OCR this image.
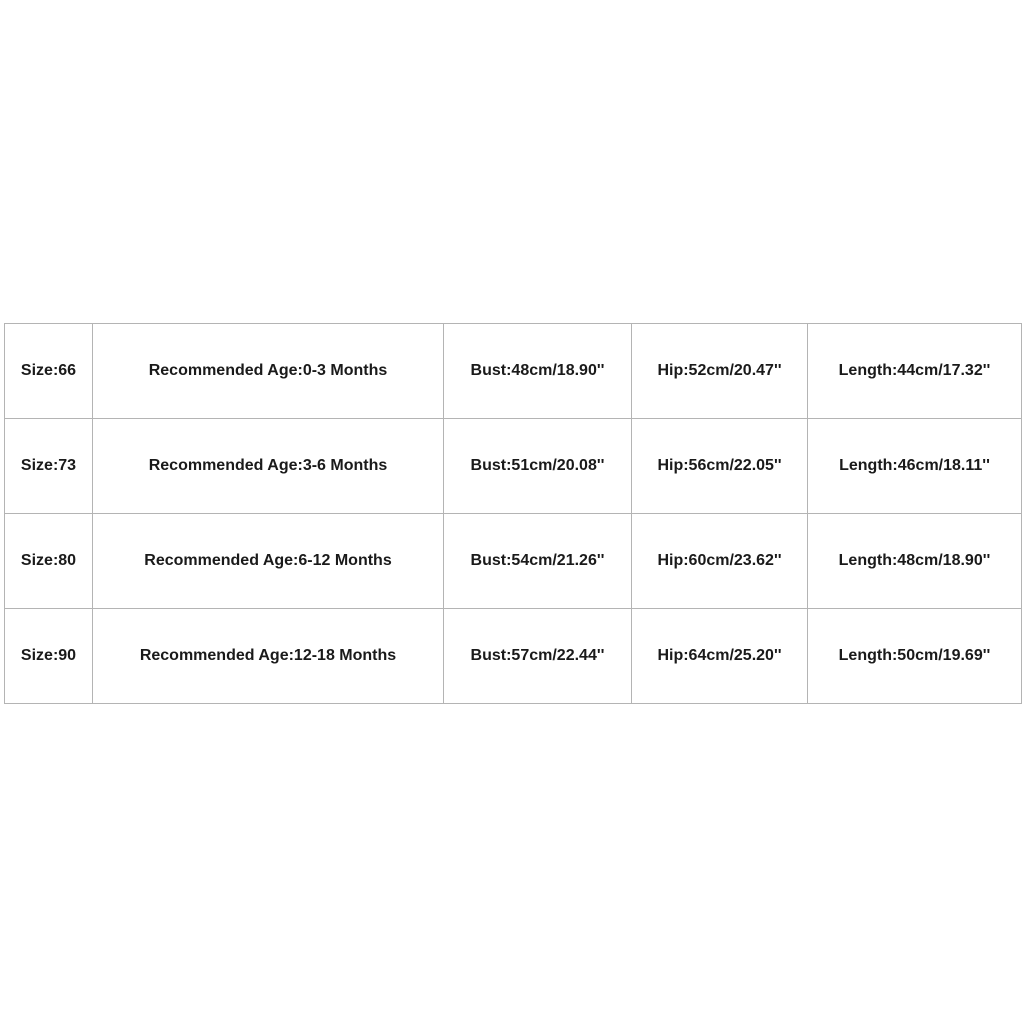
Size:66	Recommended Age:0-3 Months	Bust:48cm/18.90''	Hip:52cm/20.47''	Length:44cm/17.32''
Size:73	Recommended Age:3-6 Months	Bust:51cm/20.08''	Hip:56cm/22.05''	Length:46cm/18.11''
Size:80	Recommended Age:6-12 Months	Bust:54cm/21.26''	Hip:60cm/23.62''	Length:48cm/18.90''
Size:90	Recommended Age:12-18 Months	Bust:57cm/22.44''	Hip:64cm/25.20''	Length:50cm/19.69''
